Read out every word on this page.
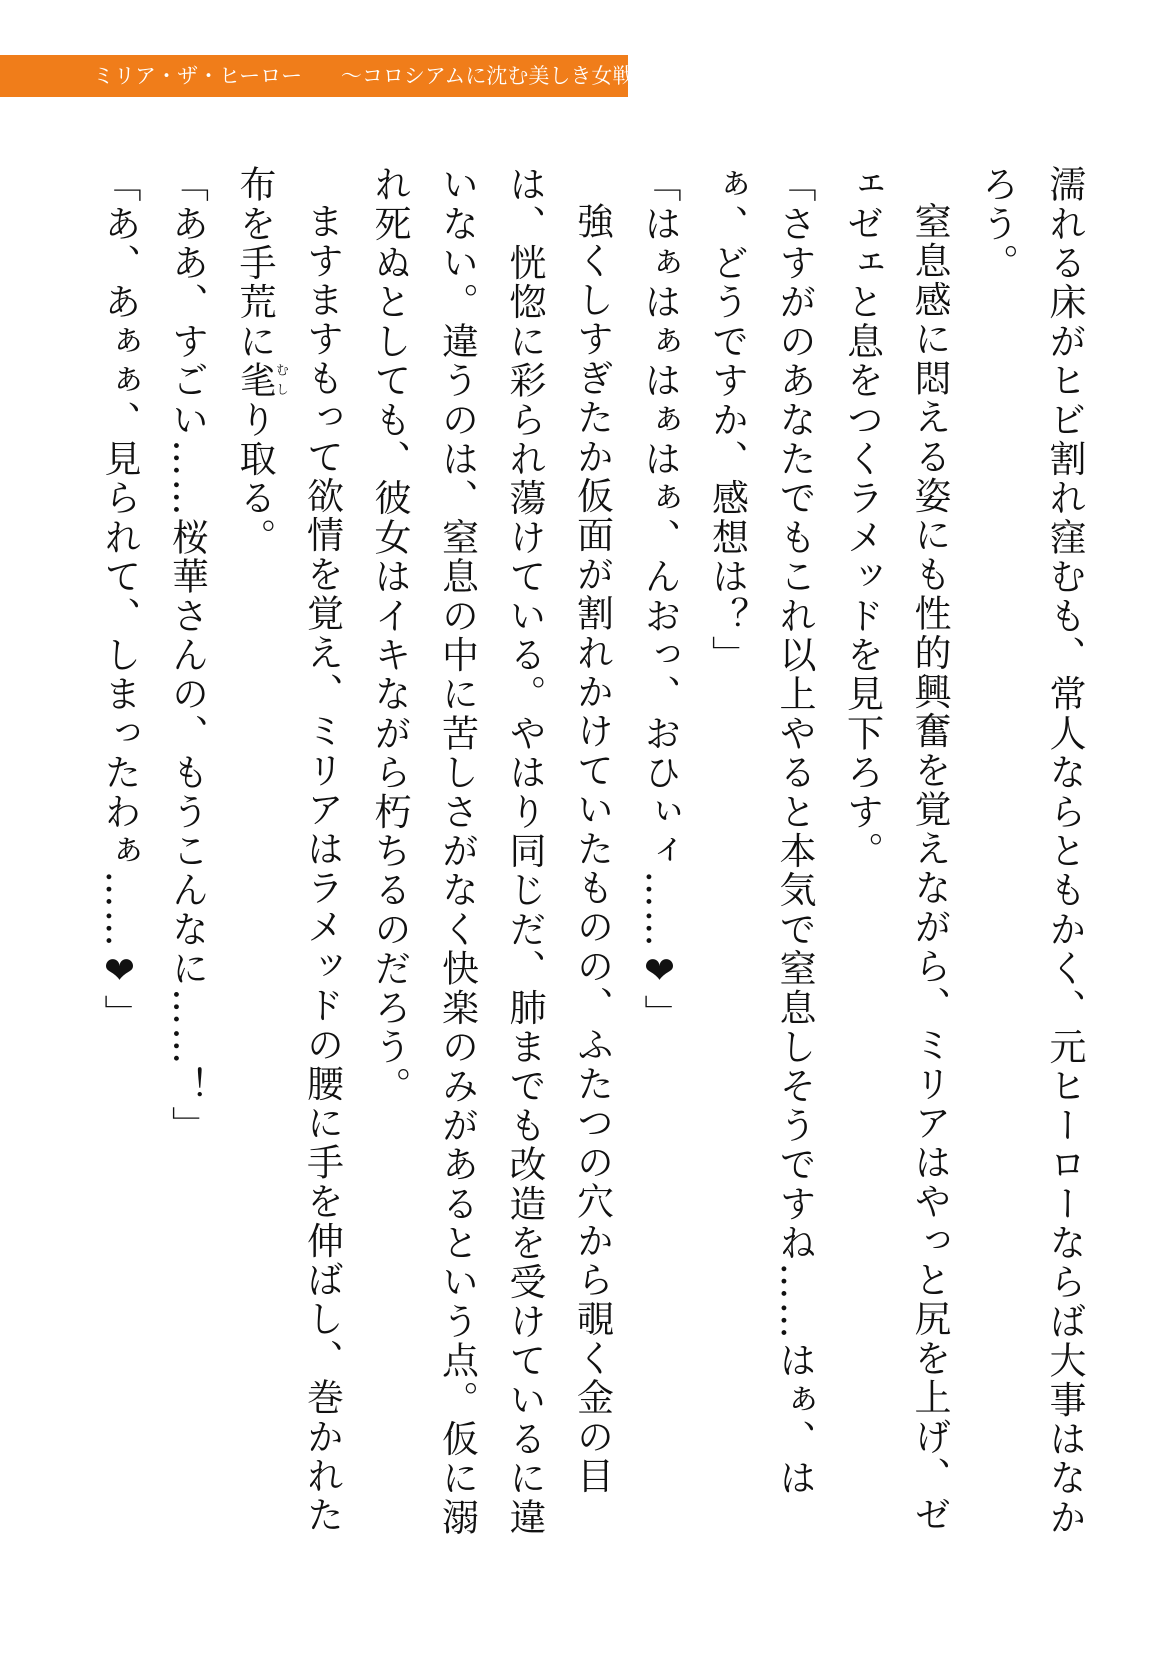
ミリア・ザ・ヒーロー 〜コロシアムに沈む美しき女戦士たち〜

濡れる床がヒビ割れ窪むも、常人ならともかく、元ヒーローならば大事はなかろう。

窒息感に悶える姿にも性的興奮を覚えながら、ミリアはやっと尻を上げ、ゼェゼェと息をつくラメッドを見下ろす。

「さすがのあなたでもこれ以上やると本気で窒息しそうですね……はぁ、はぁ、どうですか、感想は？」

「はぁはぁはぁはぁ、んおっ、おひぃィ……❤」

強くしすぎたか仮面が割れかけていたものの、ふたつの穴から覗く金の目は、恍惚に彩られ蕩けている。やはり同じだ、肺までも改造を受けているに違いない。違うのは、窒息の中に苦しさがなく快楽のみがあるという点。仮に溺れ死ぬとしても、彼女はイキながら朽ちるのだろう。

ますますもって欲情を覚え、ミリアはラメッドの腰に手を伸ばし、巻かれた布を手荒に毟むしり取る。

「ああ、すごい……桜華さんの、もうこんなに……！」

「あ、あぁぁ、見られて、しまったわぁ……❤」
